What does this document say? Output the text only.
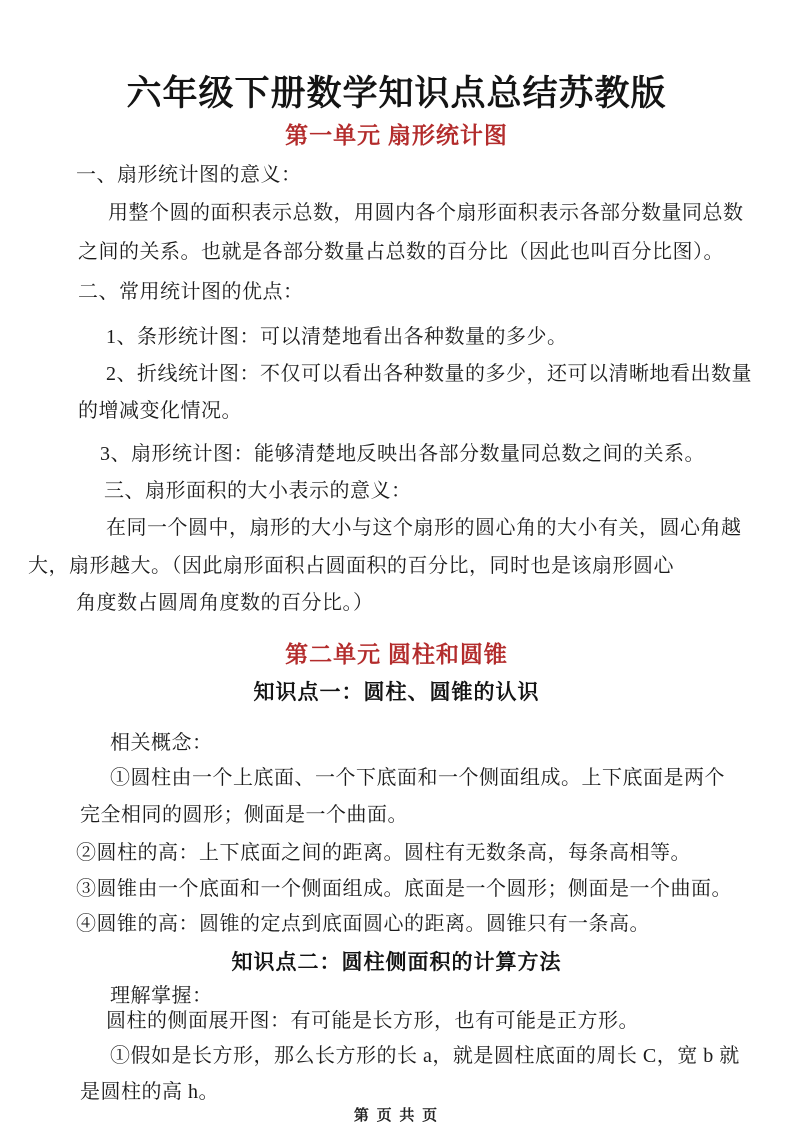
六年级下册数学知识点总结苏教版
第一单元 扇形统计图
一、扇形统计图的意义：
用整个圆的面积表示总数，用圆内各个扇形面积表示各部分数量同总数
之间的关系。也就是各部分数量占总数的百分比（因此也叫百分比图）。
二、常用统计图的优点：
1、条形统计图：可以清楚地看出各种数量的多少。
2、折线统计图：不仅可以看出各种数量的多少，还可以清晰地看出数量
的增减变化情况。
3、扇形统计图：能够清楚地反映出各部分数量同总数之间的关系。
三、扇形面积的大小表示的意义：
在同一个圆中，扇形的大小与这个扇形的圆心角的大小有关，圆心角越
大，扇形越大。（因此扇形面积占圆面积的百分比，同时也是该扇形圆心
角度数占圆周角度数的百分比。）
第二单元 圆柱和圆锥
知识点一：圆柱、圆锥的认识
相关概念：
①圆柱由一个上底面、一个下底面和一个侧面组成。上下底面是两个
完全相同的圆形；侧面是一个曲面。
②圆柱的高：上下底面之间的距离。圆柱有无数条高，每条高相等。
③圆锥由一个底面和一个侧面组成。底面是一个圆形；侧面是一个曲面。
④圆锥的高：圆锥的定点到底面圆心的距离。圆锥只有一条高。
知识点二：圆柱侧面积的计算方法
理解掌握：
圆柱的侧面展开图：有可能是长方形，也有可能是正方形。
①假如是长方形，那么长方形的长 a，就是圆柱底面的周长 C，宽 b 就
是圆柱的高 h。
第 页 共 页
